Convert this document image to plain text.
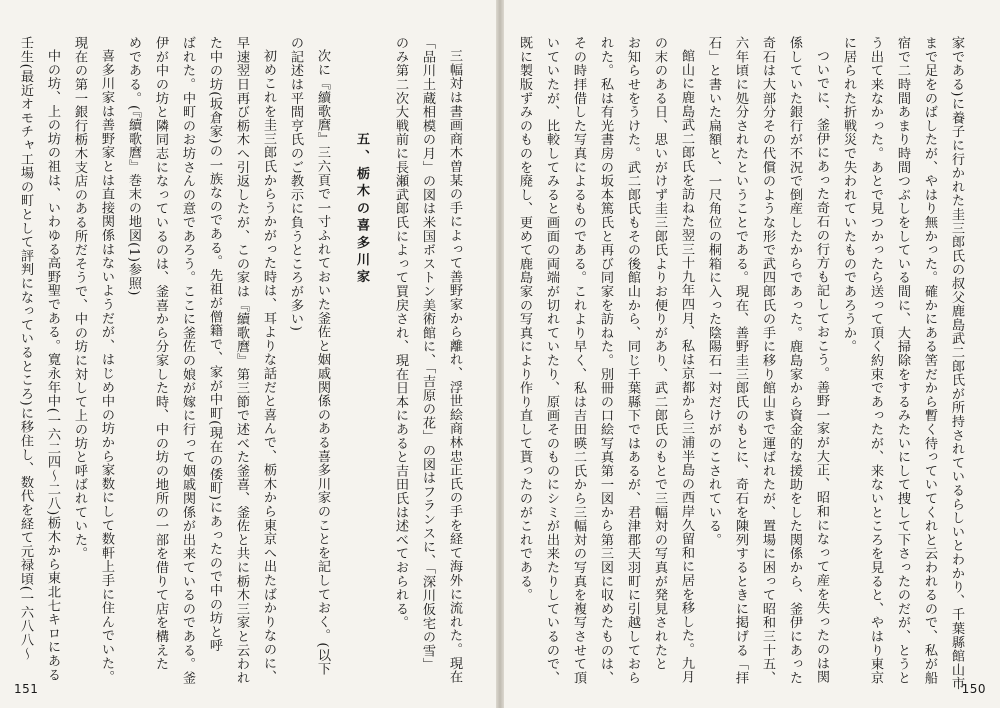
三幅対は書画商木曽某の手によって善野家から離れ、浮世絵商林忠正氏の手を経て海外に流れた。現在
「品川土蔵相模の月」の図は米国ボストン美術館に、「吉原の花」の図はフランスに、「深川仮宅の雪」
のみ第二次大戦前に長瀬武郎氏によって買戻され、現在日本にあると吉田氏は述べておられる。
五、栃木の喜多川家
次に『續歌麿』三六頁で一寸ふれておいた釜佐と姻戚関係のある喜多川家のことを記しておく。(以下
の記述は平間亨氏のご教示に負うところが多い)
初めこれを圭三郎氏からうかがった時は、耳よりな話だと喜んで、栃木から東京へ出たばかりなのに、
早速翌日再び栃木へ引返したが、この家は『續歌麿』第三節で述べた釜喜、釜佐と共に栃木三家と云われ
た中の坊(坂倉家)の一族なのである。先祖が僧籍で、家が中町(現在の倭町)にあったので中の坊と呼
ばれた。中町のお坊さんの意であろう。ここに釜佐の娘が嫁に行って姻戚関係が出来ているのである。釜
伊が中の坊と隣同志になっているのは、釜喜から分家した時、中の坊の地所の一部を借りて店を構えた
めである。(『續歌麿』巻末の地図(1)参照)
喜多川家は善野家とは直接関係はないようだが、はじめ中の坊から家数にして数軒上手に住んでいた。
現在の第一銀行栃木支店のある所だそうで、中の坊に対して上の坊と呼ばれていた。
中の坊、上の坊の祖は、いわゆる高野聖である。寛永年中(一六二四〜二八)栃木から東北七キロにある
壬生(最近オモチャ工場の町として評判になっているところ)に移住し、数代を経て元禄頃(一六八八〜
151	家である)に養子に行かれた圭三郎氏の叔父鹿島武二郎氏が所持されているらしいとわかり、千葉縣館山市
まで足をのばしたが、やはり無かった。確かにある筈だから暫く待っていてくれと云われるので、私が船
宿で二時間あまり時間つぶしをしている間に、大掃除をするみたいにして捜して下さったのだが、とうと
う出て来なかった。あとで見つかったら送って頂く約束であったが、来ないところを見ると、やはり東京
に居られた折戦災で失われていたものであろうか。
ついでに、釜伊にあった奇石の行方も記しておこう。善野一家が大正、昭和になって産を失ったのは関
係していた銀行が不況で倒産したからであった。鹿島家から資金的な援助をした関係から、釜伊にあった
奇石は大部分その代償のような形で武四郎氏の手に移り館山まで運ばれたが、置場に困って昭和三十五、
六年頃に処分されたということである。現在、善野圭三郎氏のもとに、奇石を陳列するときに掲げる「拝
石」と書いた扁額と、一尺角位の桐箱に入った陰陽石一対だけがのこされている。
館山に鹿島武二郎氏を訪ねた翌三十九年四月、私は京都から三浦半島の西岸久留和に居を移した。九月
の末のある日、思いがけず圭三郎氏よりお便りがあり、武二郎氏のもとで三幅対の写真が発見されたと
お知らせをうけた。武二郎氏もその後館山から、同じ千葉縣下ではあるが、君津郡天羽町に引越しておら
れた。私は有光書房の坂本篤氏と再び同家を訪ねた。別冊の口絵写真第一図から第三図に収めたものは、
その時拝借した写真によるものである。これより早く、私は吉田暎二氏から三幅対の写真を複写させて頂
いていたが、比較してみると画面の両端が切れていたり、原画そのものにシミが出来たりしているので、
既に製版ずみのものを廃し、更めて鹿島家の写真により作り直して貰ったのがこれである。
150
